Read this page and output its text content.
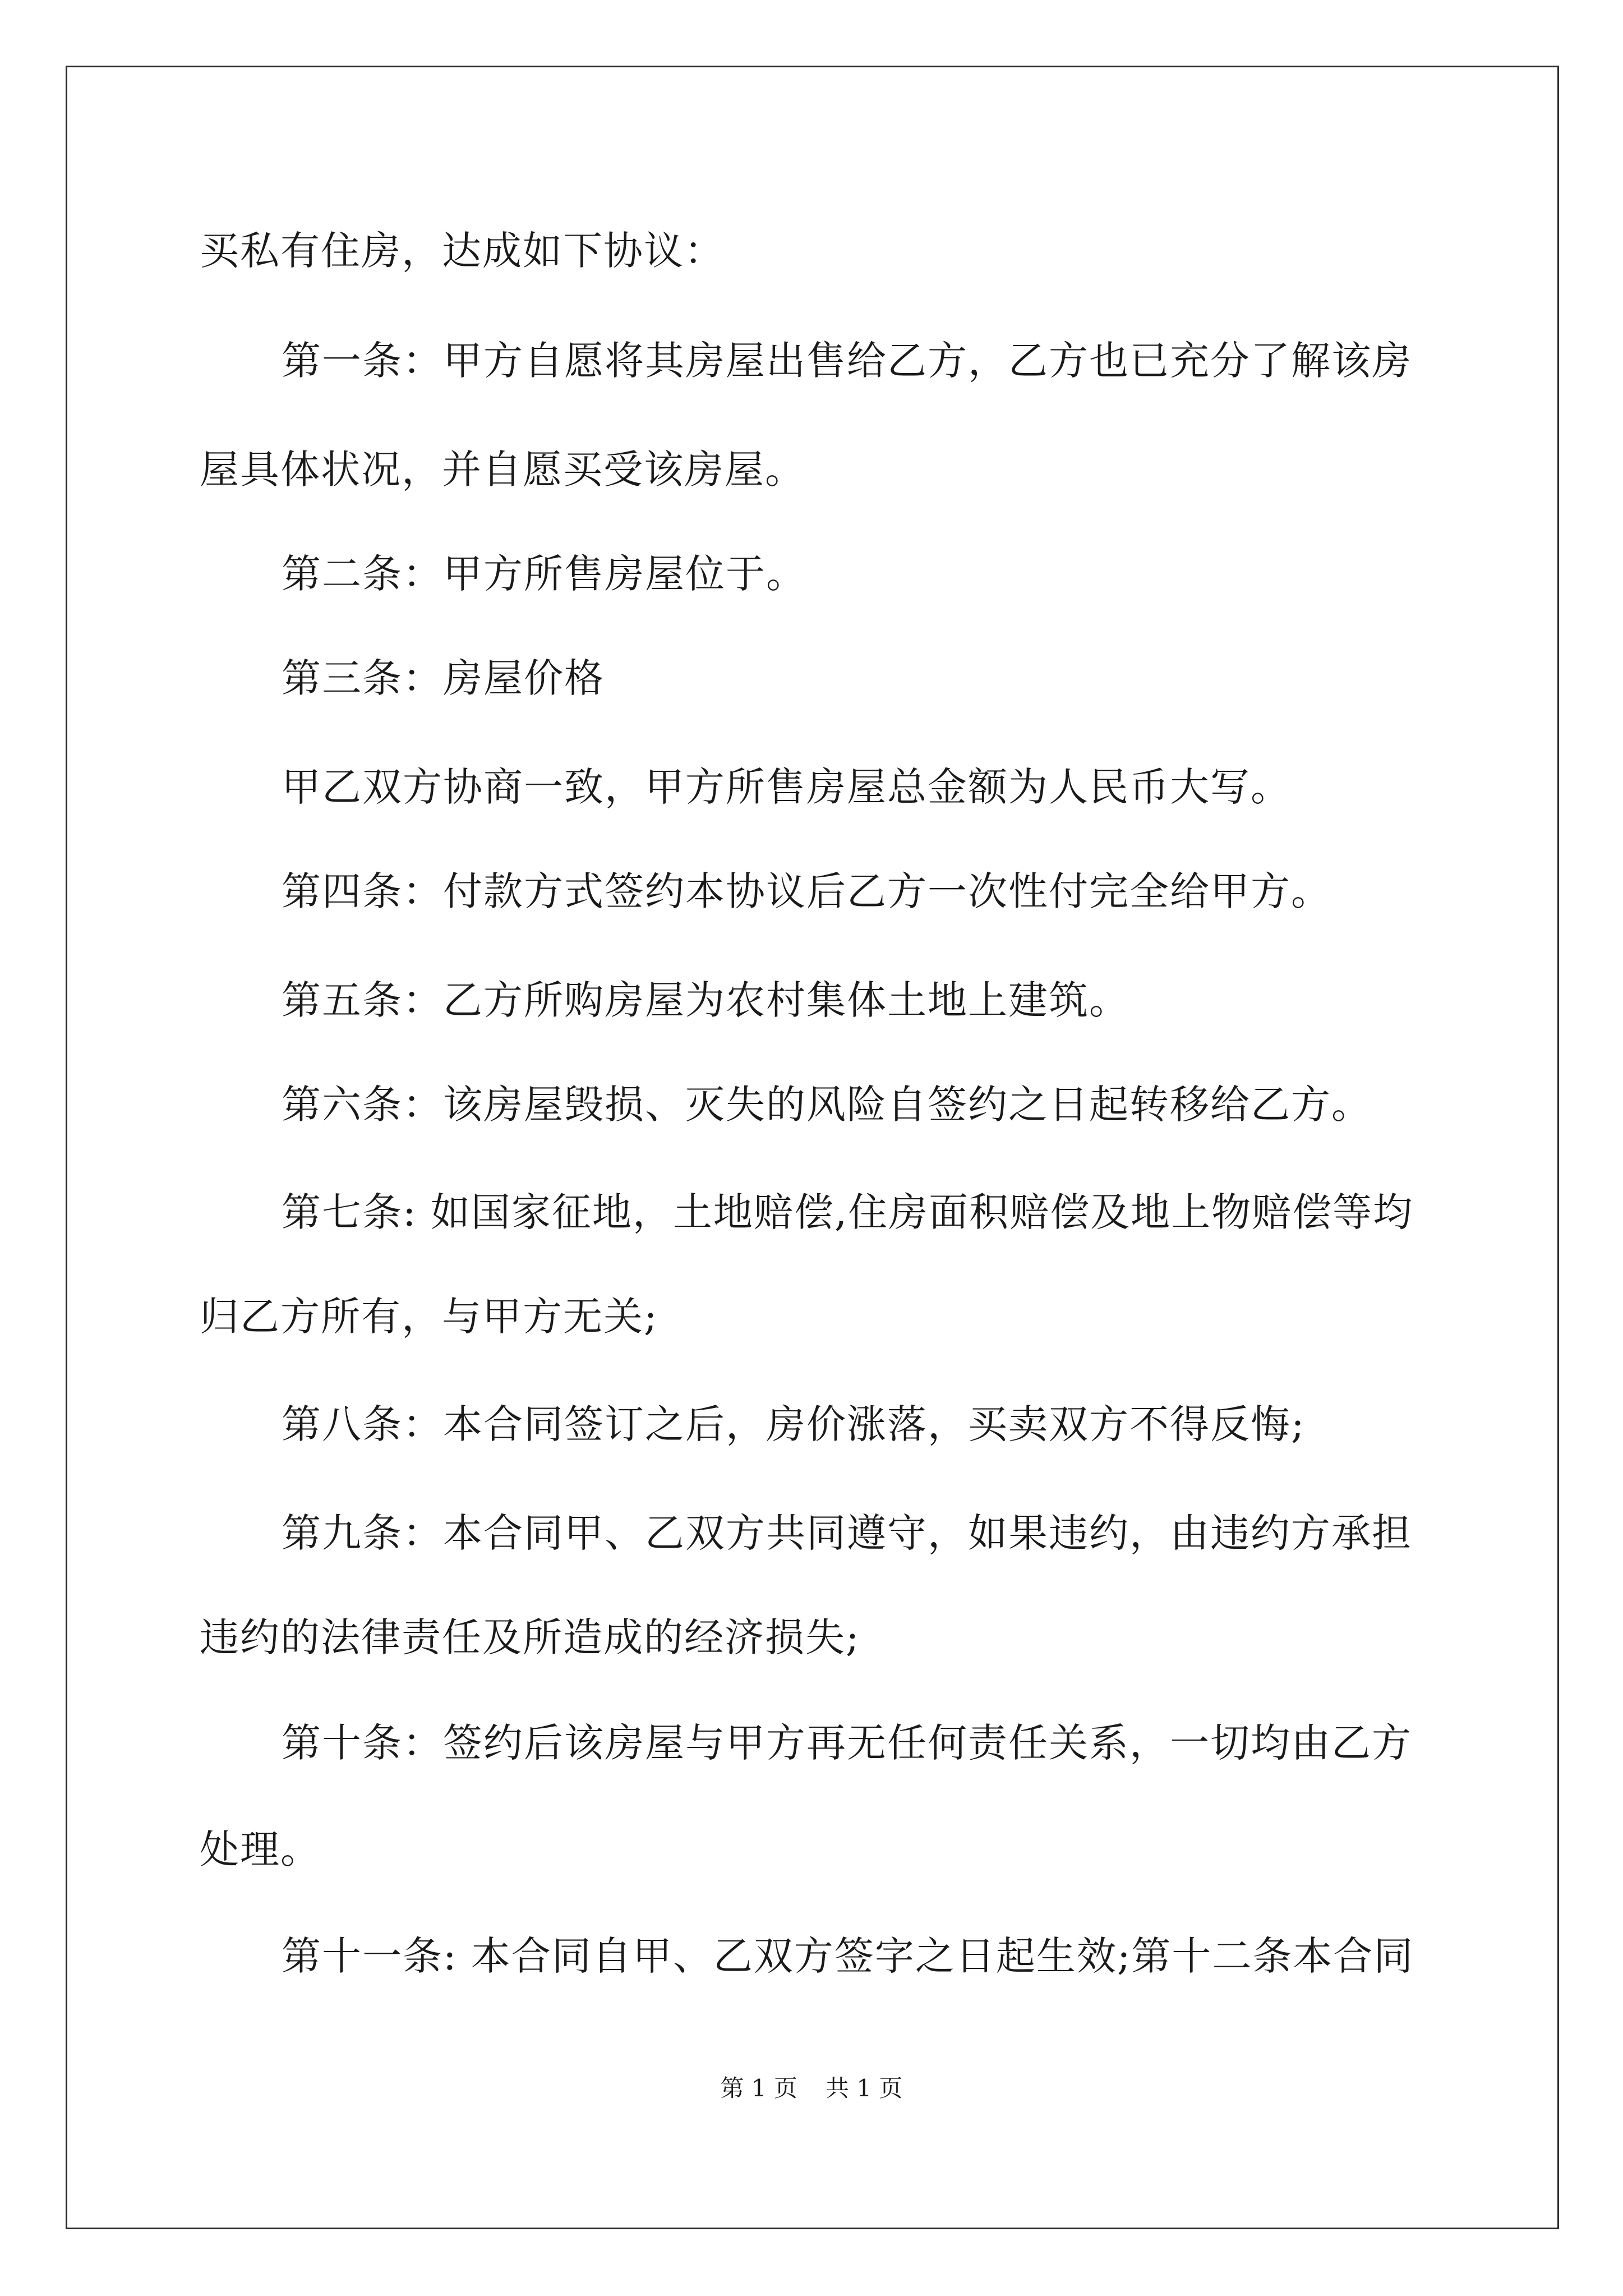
买私有住房，达成如下协议：
第一条：甲方自愿将其房屋出售给乙方，乙方也已充分了解该房
屋具体状况，并自愿买受该房屋。
第二条：甲方所售房屋位于。
第三条：房屋价格
甲乙双方协商一致，甲方所售房屋总金额为人民币大写。
第四条：付款方式签约本协议后乙方一次性付完全给甲方。
第五条：乙方所购房屋为农村集体土地上建筑。
第六条：该房屋毁损、灭失的风险自签约之日起转移给乙方。
第七条: 如国家征地，土地赔偿,住房面积赔偿及地上物赔偿等均
归乙方所有，与甲方无关;
第八条：本合同签订之后，房价涨落，买卖双方不得反悔;
第九条：本合同甲、乙双方共同遵守，如果违约，由违约方承担
违约的法律责任及所造成的经济损失;
第十条：签约后该房屋与甲方再无任何责任关系，一切均由乙方
处理。
第十一条: 本合同自甲、乙双方签字之日起生效;第十二条本合同
第 1 页 共 1 页
